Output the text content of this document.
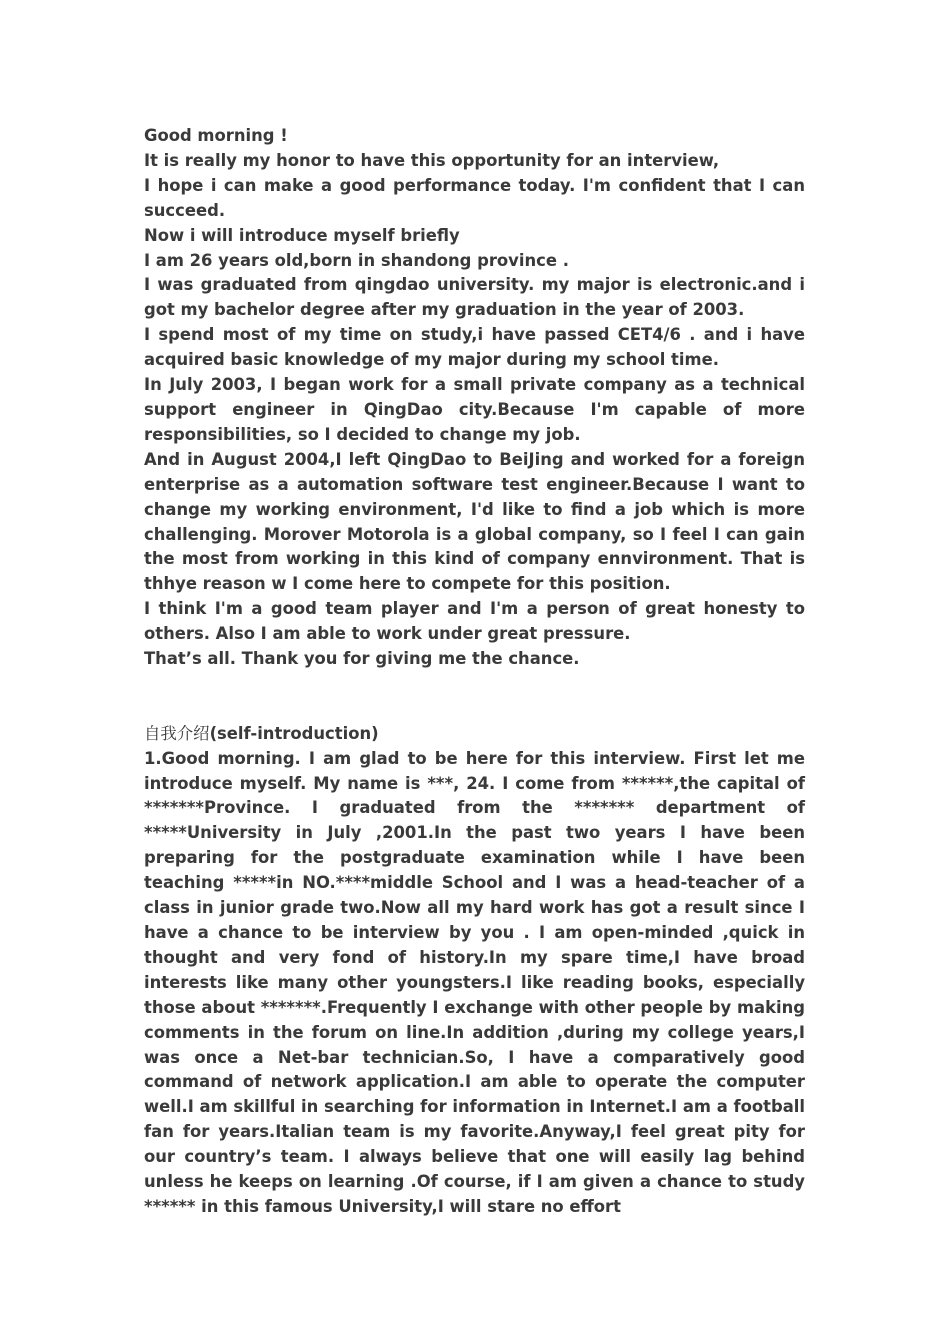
Good morning !

It is really my honor to have this opportunity for an interview,

I hope i can make a good performance today. I'm confident that I can succeed.

Now i will introduce myself briefly

I am 26 years old,born in shandong province .

I was graduated from qingdao university. my major is electronic.and i got my bachelor degree after my graduation in the year of 2003.

I spend most of my time on study,i have passed CET4/6 . and i have acquired basic knowledge of my major during my school time.

In July 2003, I began work for a small private company as a technical support engineer in QingDao city.Because I'm capable of more responsibilities, so I decided to change my job.

And in August 2004,I left QingDao to BeiJing and worked for a foreign enterprise as a automation software test engineer.Because I want to change my working environment, I'd like to find a job which is more challenging. Morover Motorola is a global company, so I feel I can gain the most from working in this kind of company ennvironment. That is thhye reason w I come here to compete for this position.

I think I'm a good team player and I'm a person of great honesty to others. Also I am able to work under great pressure.

That’s all. Thank you for giving me the chance.

自我介绍(self-introduction)

1.Good morning. I am glad to be here for this interview. First let me introduce myself. My name is ***, 24. I come from ******,the capital of *******Province. I graduated from the ******* department of *****University in July ,2001.In the past two years I have been preparing for the postgraduate examination while I have been teaching *****in NO.****middle School and I was a head-teacher of a class in junior grade two.Now all my hard work has got a result since I have a chance to be interview by you . I am open-minded ,quick in thought and very fond of history.In my spare time,I have broad interests like many other youngsters.I like reading books, especially those about *******.Frequently I exchange with other people by making comments in the forum on line.In addition ,during my college years,I was once a Net-bar technician.So, I have a comparatively good command of network application.I am able to operate the computer well.I am skillful in searching for information in Internet.I am a football fan for years.Italian team is my favorite.Anyway,I feel great pity for our country’s team. I always believe that one will easily lag behind unless he keeps on learning .Of course, if I am given a chance to study ****** in this famous University,I will stare no effort
